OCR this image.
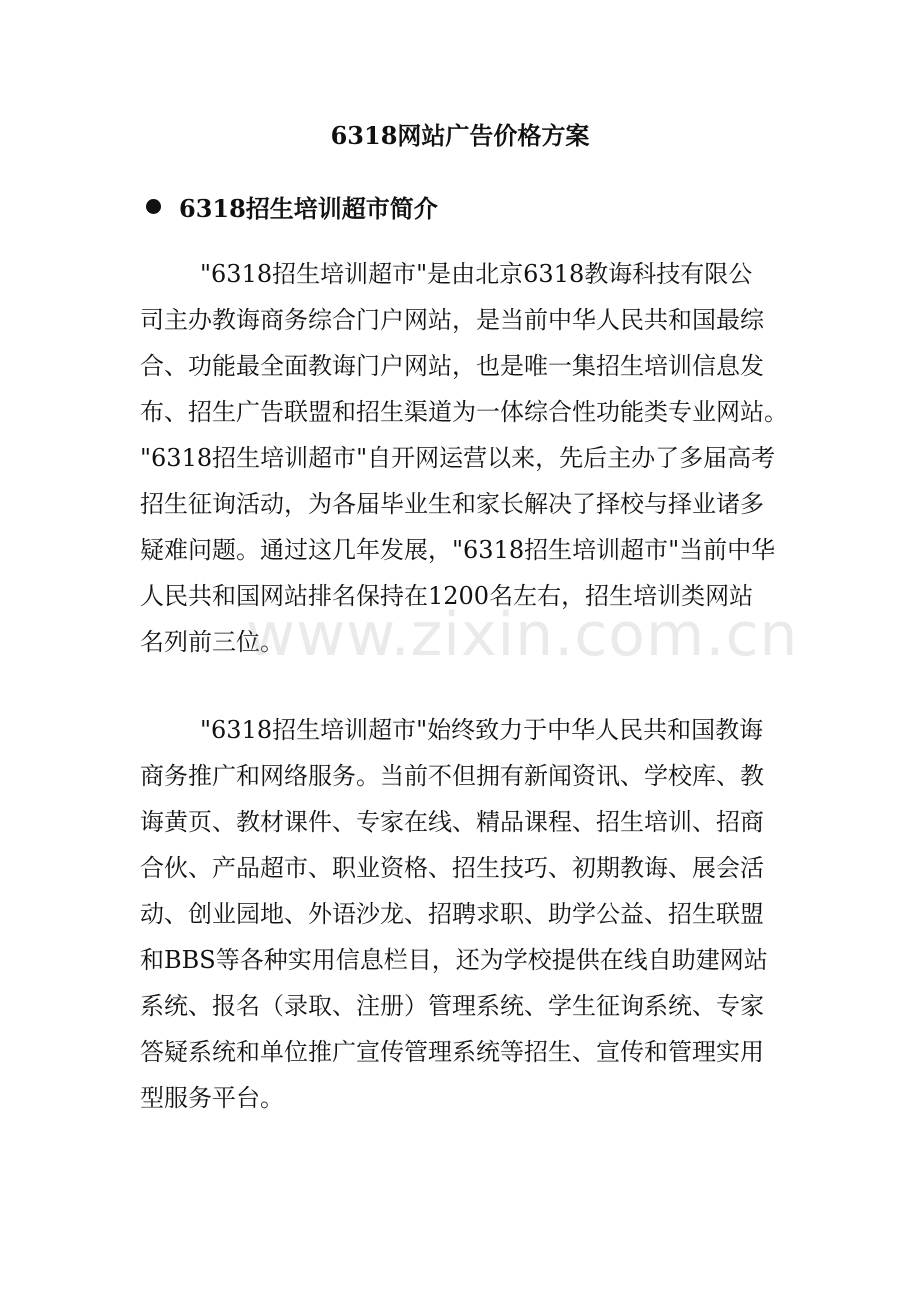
6318网站广告价格方案
6318招生培训超市简介
"6318招生培训超市"是由北京6318教诲科技有限公
司主办教诲商务综合门户网站，是当前中华人民共和国最综
合、功能最全面教诲门户网站，也是唯一集招生培训信息发
布、招生广告联盟和招生渠道为一体综合性功能类专业网站。
"6318招生培训超市"自开网运营以来，先后主办了多届高考
招生征询活动，为各届毕业生和家长解决了择校与择业诸多
疑难问题。通过这几年发展，"6318招生培训超市"当前中华
人民共和国网站排名保持在1200名左右，招生培训类网站
名列前三位。
"6318招生培训超市"始终致力于中华人民共和国教诲
商务推广和网络服务。当前不但拥有新闻资讯、学校库、教
诲黄页、教材课件、专家在线、精品课程、招生培训、招商
合伙、产品超市、职业资格、招生技巧、初期教诲、展会活
动、创业园地、外语沙龙、招聘求职、助学公益、招生联盟
和BBS等各种实用信息栏目，还为学校提供在线自助建网站
系统、报名（录取、注册）管理系统、学生征询系统、专家
答疑系统和单位推广宣传管理系统等招生、宣传和管理实用
型服务平台。
www.zixin.com.cn
